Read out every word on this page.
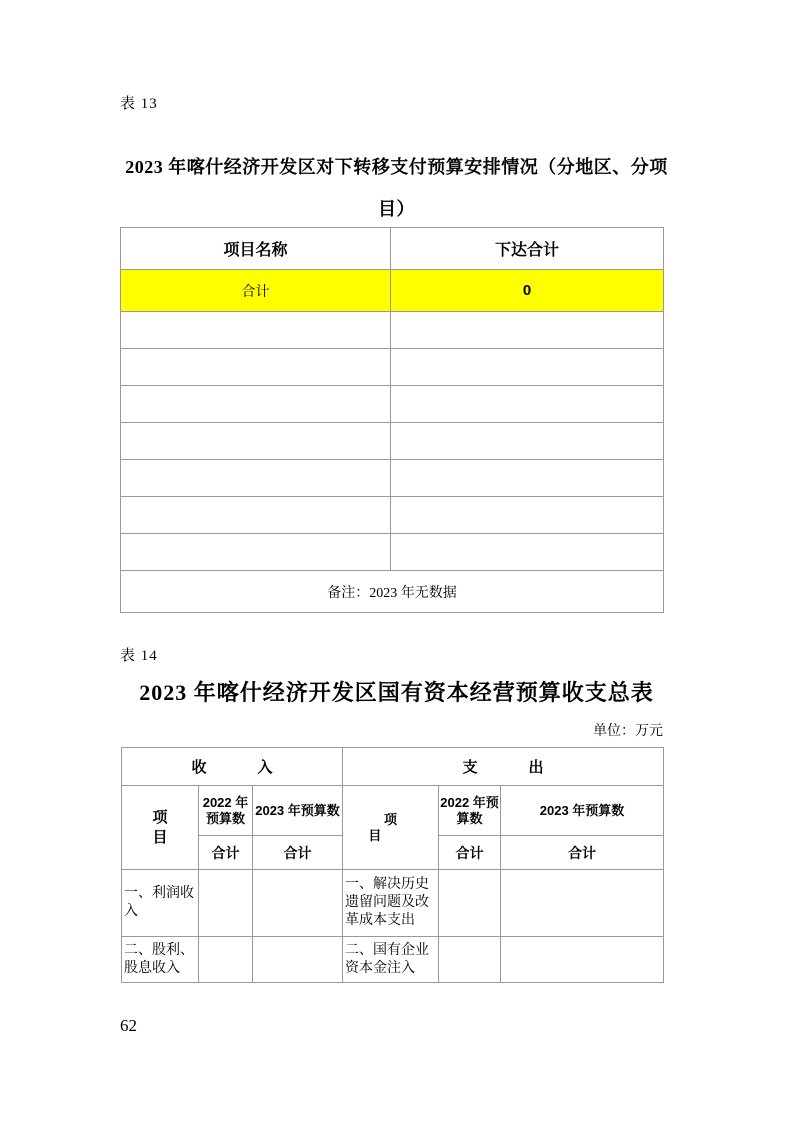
表 13
2023 年喀什经济开发区对下转移支付预算安排情况（分地区、分项
目）
项目名称	下达合计
合计	0

备注：2023 年无数据	
表 14
2023 年喀什经济开发区国有资本经营预算收支总表
单位：万元
收入			支出		
项目	2022 年预算数	2023 年预算数	项目	2022 年预算数	2023 年预算数
	合计	合计		合计	合计
一、利润收入			一、解决历史遗留问题及改革成本支出		
二、股利、股息收入			二、国有企业资本金注入		
62
